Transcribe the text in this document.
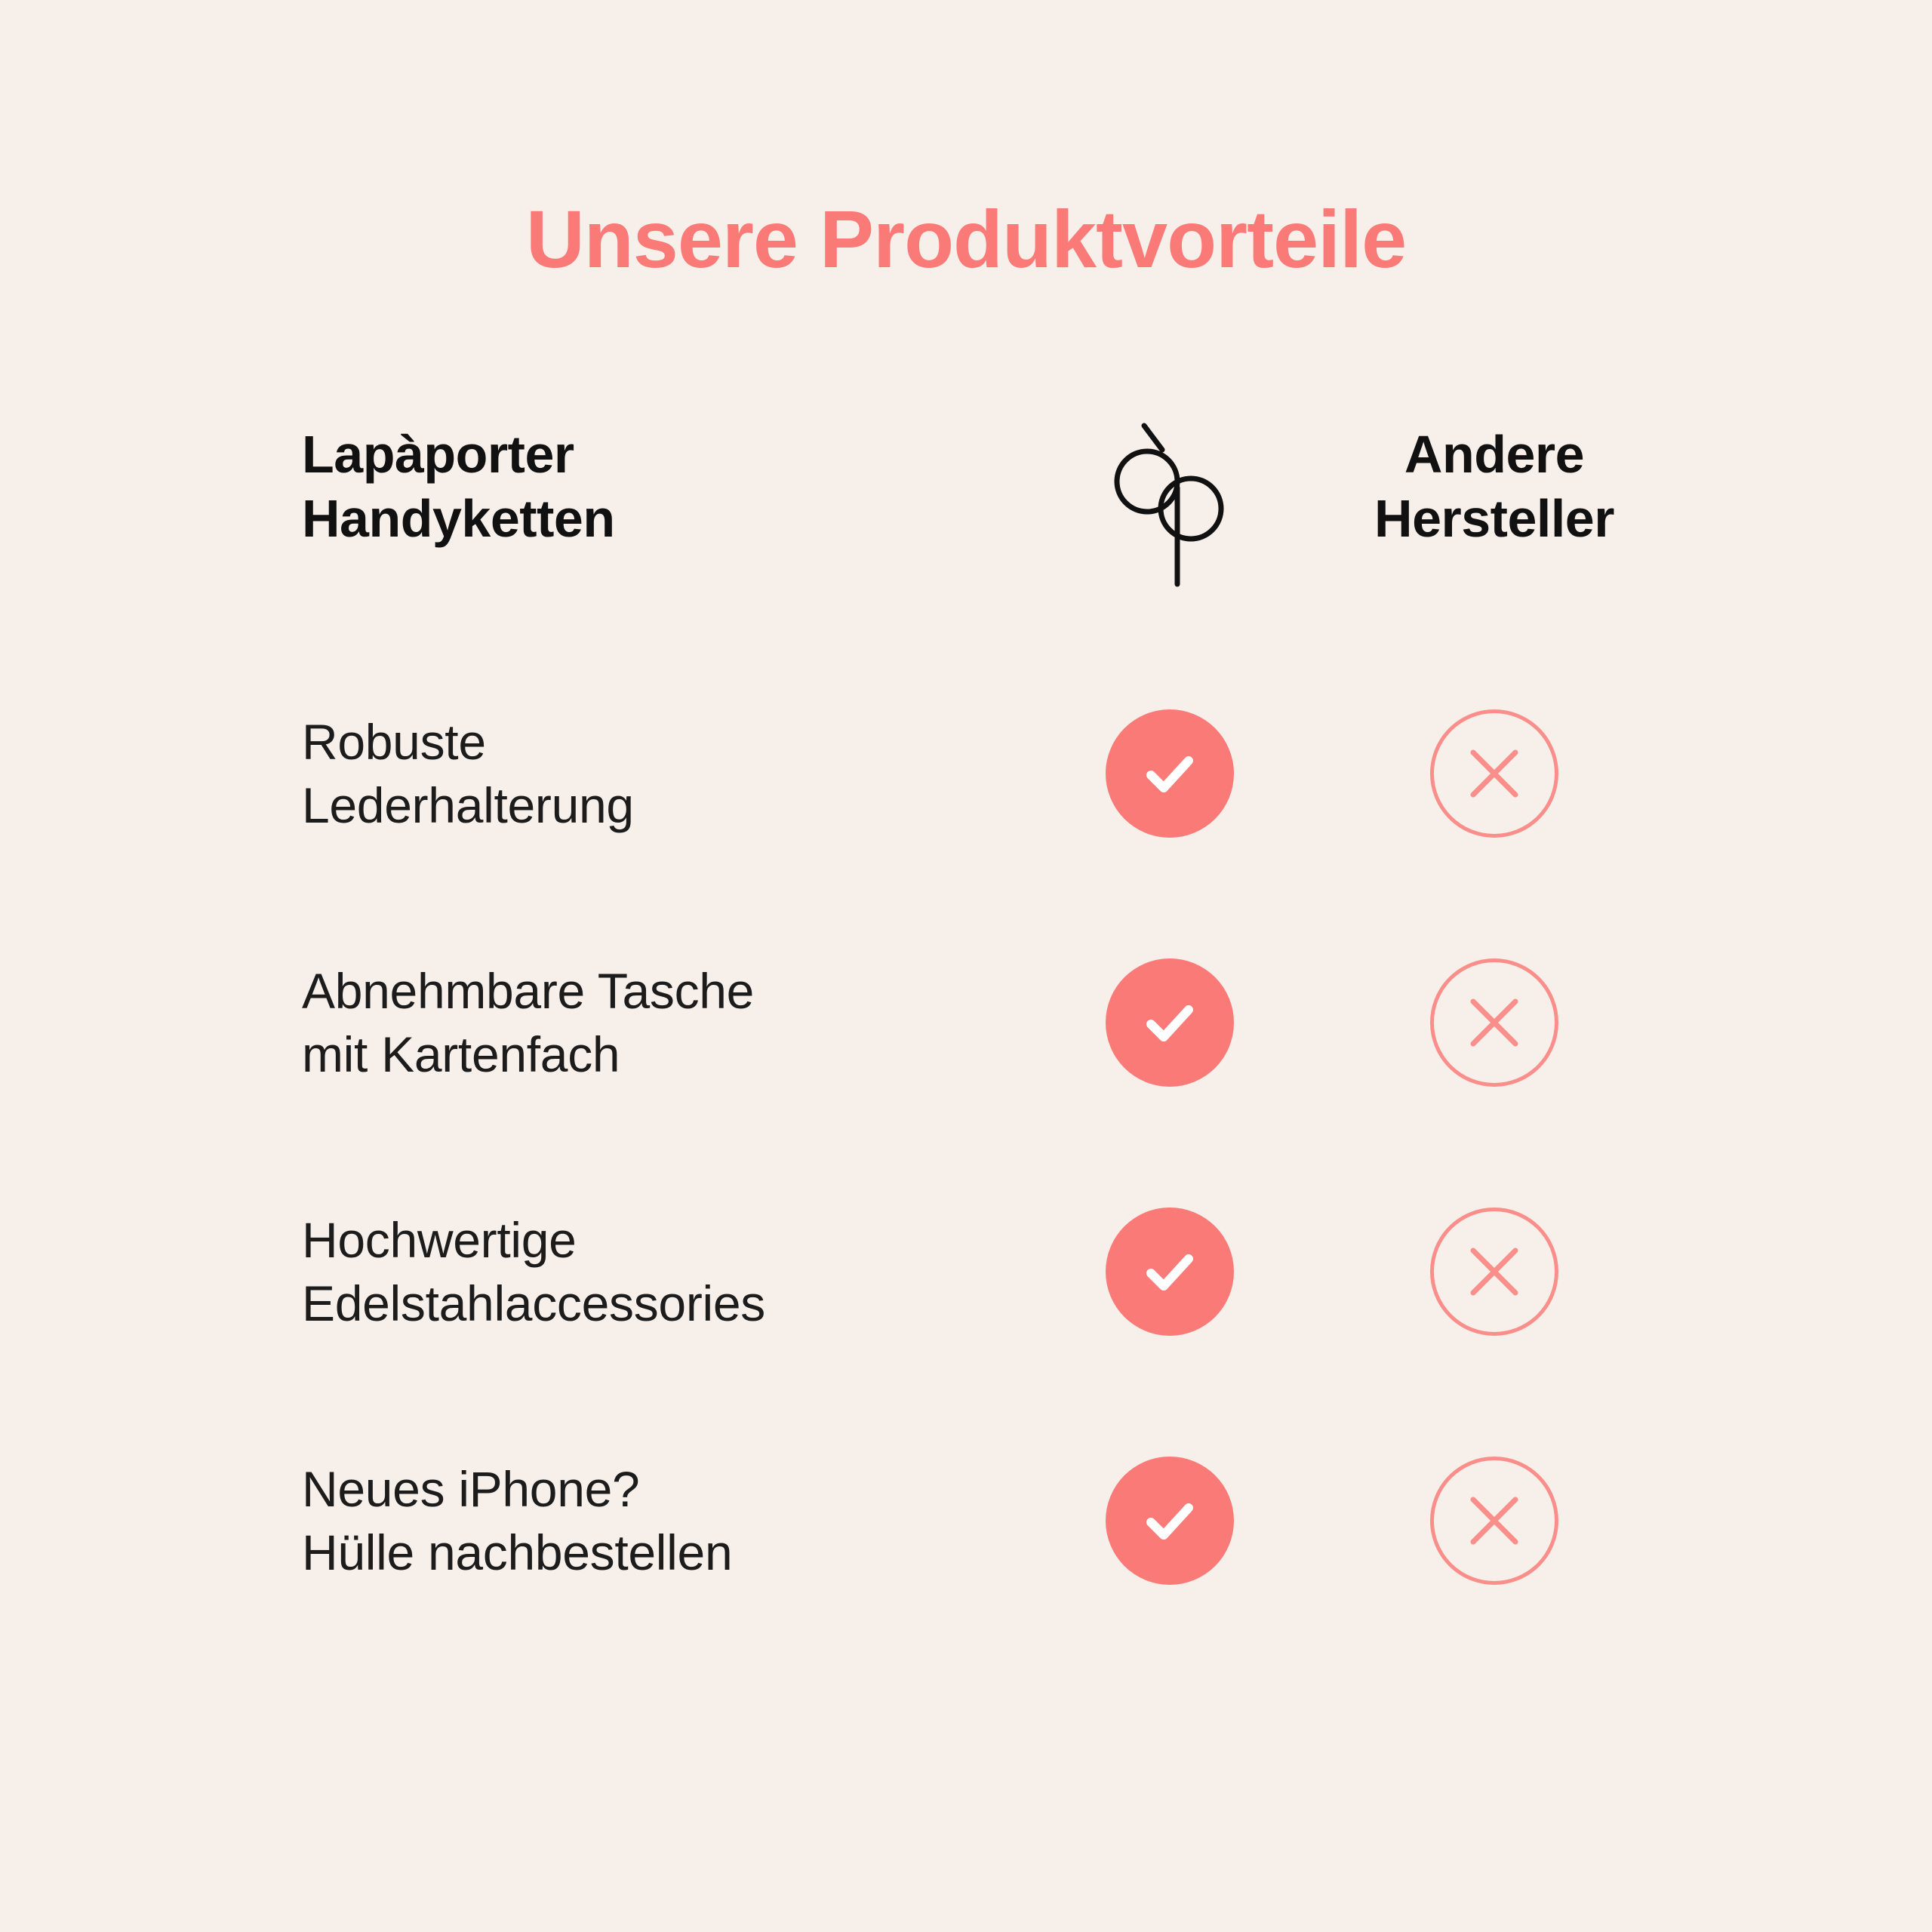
Unsere Produktvorteile
Lapàporter
Handyketten
Andere
Hersteller
Robuste
Lederhalterung
Abnehmbare Tasche
mit Kartenfach
Hochwertige
Edelstahlaccessories
Neues iPhone?
Hülle nachbestellen
